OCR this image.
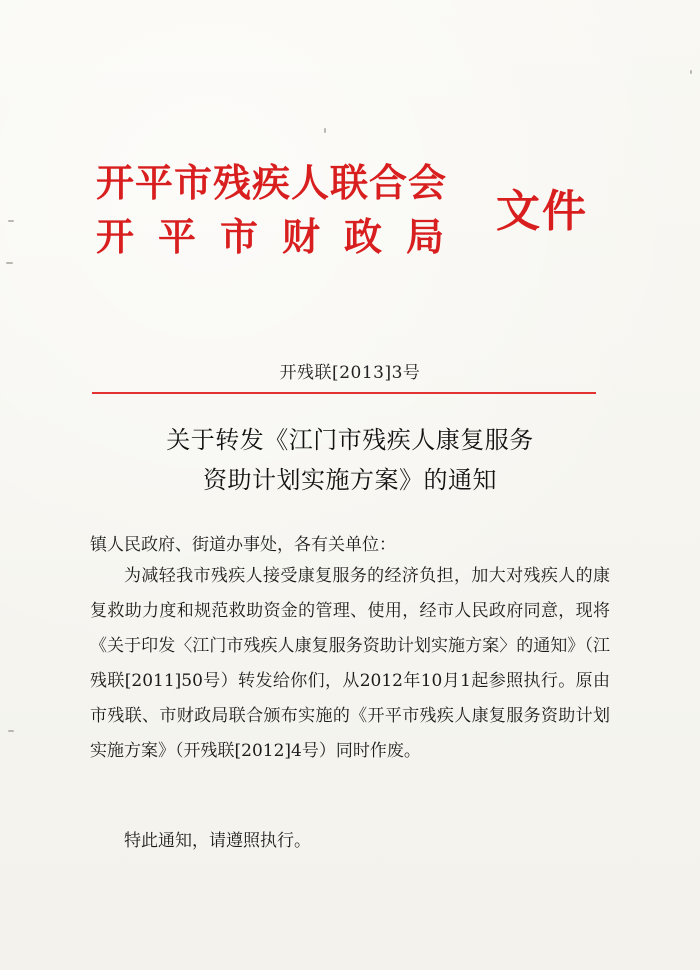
开平市残疾人联合会
开平市财政局 文件
开残联[2013]3号
关于转发《江门市残疾人康复服务
资助计划实施方案》的通知
镇人民政府、街道办事处，各有关单位：

为减轻我市残疾人接受康复服务的经济负担，加大对残疾人的康复救助力度和规范救助资金的管理、使用，经市人民政府同意，现将《关于印发〈江门市残疾人康复服务资助计划实施方案〉的通知》（江残联[2011]50号）转发给你们，从2012年10月1起参照执行。原由市残联、市财政局联合颁布实施的《开平市残疾人康复服务资助计划实施方案》（开残联[2012]4号）同时作废。

特此通知，请遵照执行。
